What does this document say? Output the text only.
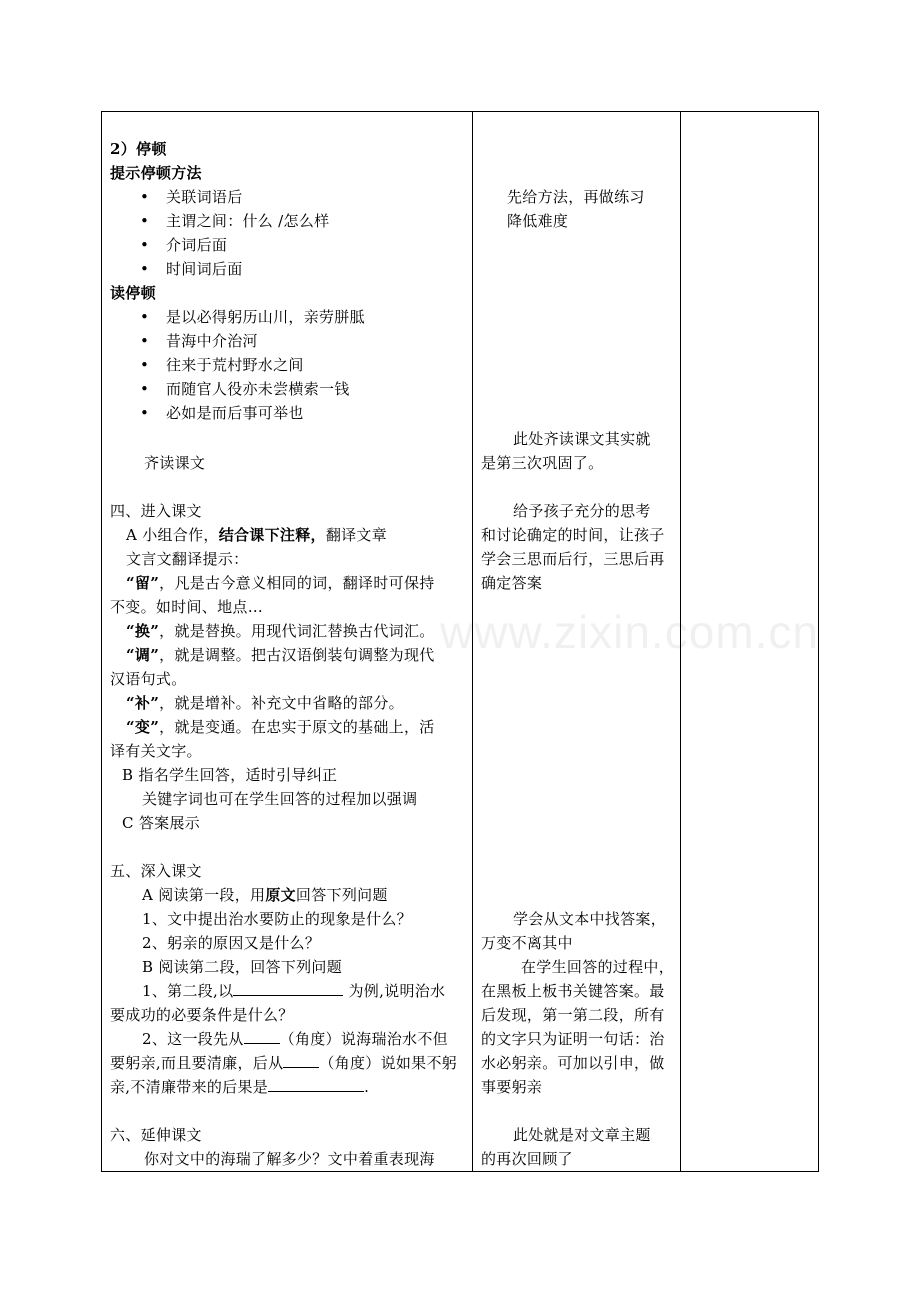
www.zixin.com.cn
2）停顿
提示停顿方法
• 关联词语后
• 主谓之间：什么 /怎么样
• 介词后面
• 时间词后面
读停顿
• 是以必得躬历山川，亲劳胼胝
• 昔海中介治河
• 往来于荒村野水之间
• 而随官人役亦未尝横索一钱
• 必如是而后事可举也
齐读课文
四、进入课文
A 小组合作，结合课下注释，翻译文章
文言文翻译提示：
“留”，凡是古今意义相同的词，翻译时可保持
不变。如时间、地点…
“换”，就是替换。用现代词汇替换古代词汇。
“调”，就是调整。把古汉语倒装句调整为现代
汉语句式。
“补”，就是增补。补充文中省略的部分。
“变”，就是变通。在忠实于原文的基础上，活
译有关文字。
B 指名学生回答，适时引导纠正
关键字词也可在学生回答的过程加以强调
C 答案展示
五、深入课文
A 阅读第一段，用原文回答下列问题
1、文中提出治水要防止的现象是什么？
2、躬亲的原因又是什么？
B 阅读第二段，回答下列问题
1、第二段,以	为例,说明治水
要成功的必要条件是什么？
2、这一段先从 （角度）说海瑞治水不但
要躬亲,而且要清廉，后从 （角度）说如果不躬
亲,不清廉带来的后果是	.
六、延伸课文
你对文中的海瑞了解多少？文中着重表现海
先给方法，再做练习
降低难度
此处齐读课文其实就
是第三次巩固了。
给予孩子充分的思考
和讨论确定的时间，让孩子
学会三思而后行，三思后再
确定答案
学会从文本中找答案，
万变不离其中
在学生回答的过程中，
在黑板上板书关键答案。最
后发现，第一第二段，所有
的文字只为证明一句话：治
水必躬亲。可加以引申，做
事要躬亲
此处就是对文章主题
的再次回顾了
